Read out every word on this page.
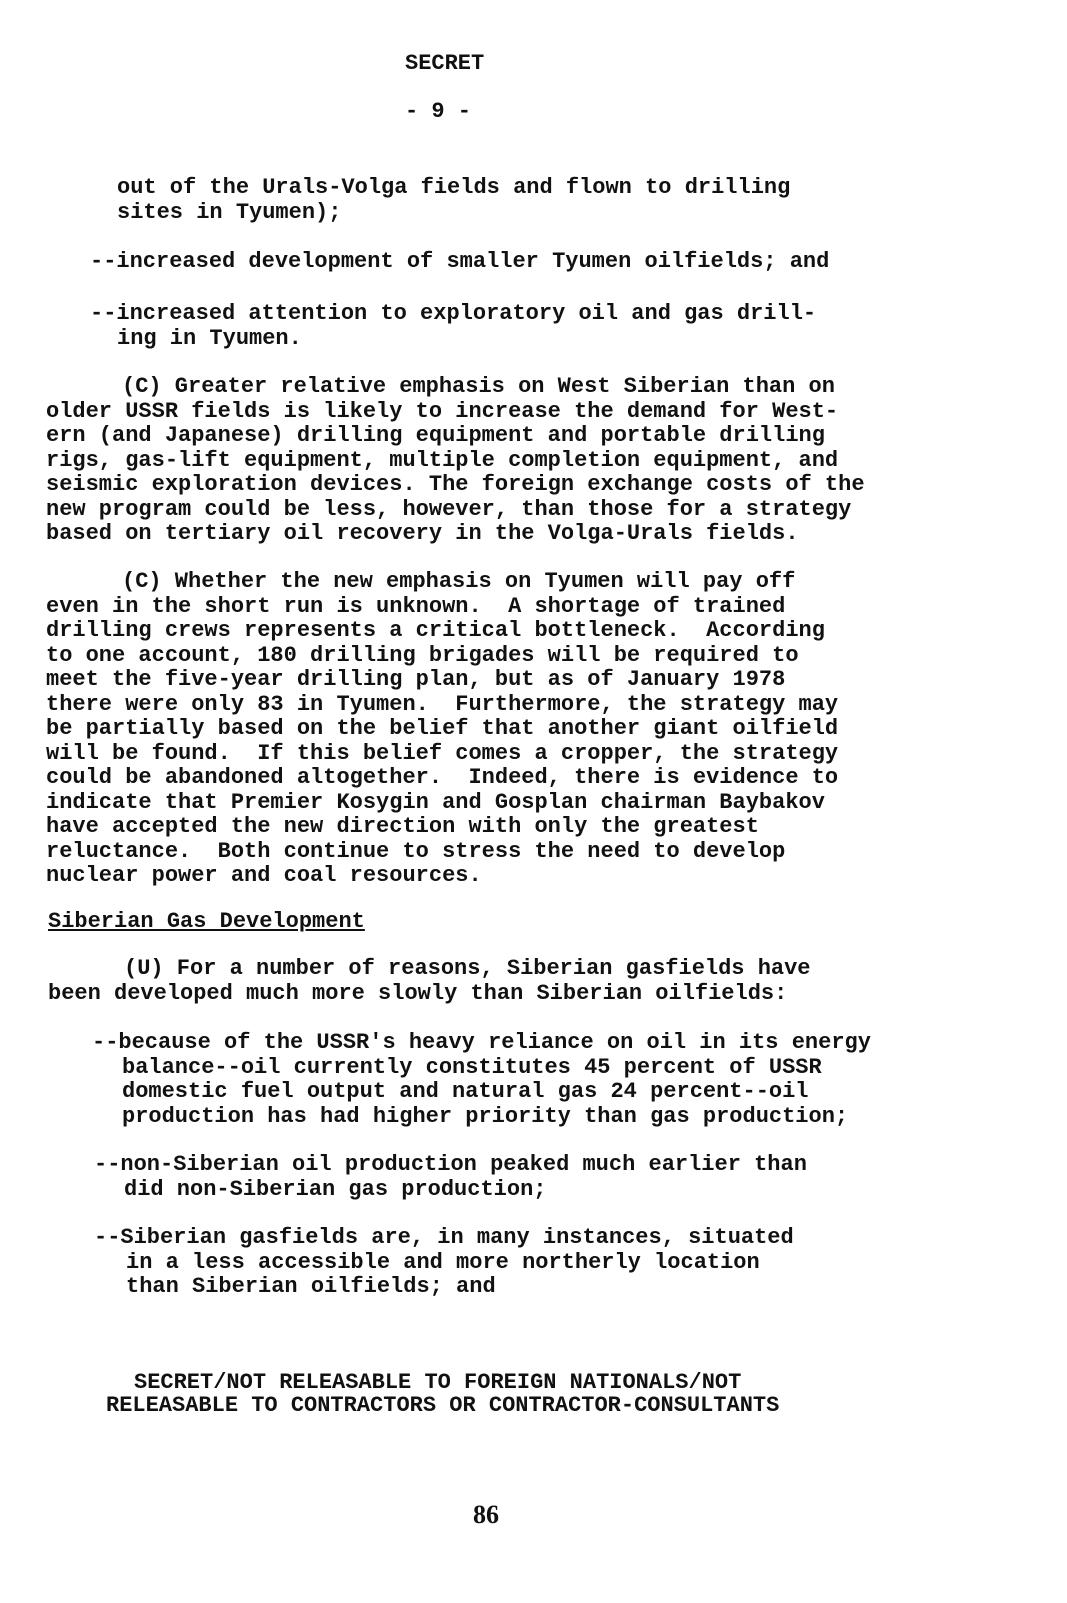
SECRET
- 9 -
out of the Urals-Volga fields and flown to drilling
sites in Tyumen);
--increased development of smaller Tyumen oilfields; and
--increased attention to exploratory oil and gas drill-
ing in Tyumen.
(C) Greater relative emphasis on West Siberian than on
older USSR fields is likely to increase the demand for West-
ern (and Japanese) drilling equipment and portable drilling
rigs, gas-lift equipment, multiple completion equipment, and
seismic exploration devices. The foreign exchange costs of the
new program could be less, however, than those for a strategy
based on tertiary oil recovery in the Volga-Urals fields.
(C) Whether the new emphasis on Tyumen will pay off
even in the short run is unknown.  A shortage of trained
drilling crews represents a critical bottleneck.  According
to one account, 180 drilling brigades will be required to
meet the five-year drilling plan, but as of January 1978
there were only 83 in Tyumen.  Furthermore, the strategy may
be partially based on the belief that another giant oilfield
will be found.  If this belief comes a cropper, the strategy
could be abandoned altogether.  Indeed, there is evidence to
indicate that Premier Kosygin and Gosplan chairman Baybakov
have accepted the new direction with only the greatest
reluctance.  Both continue to stress the need to develop
nuclear power and coal resources.
Siberian Gas Development
(U) For a number of reasons, Siberian gasfields have
been developed much more slowly than Siberian oilfields:
--because of the USSR's heavy reliance on oil in its energy
balance--oil currently constitutes 45 percent of USSR
domestic fuel output and natural gas 24 percent--oil
production has had higher priority than gas production;
--non-Siberian oil production peaked much earlier than
did non-Siberian gas production;
--Siberian gasfields are, in many instances, situated
in a less accessible and more northerly location
than Siberian oilfields; and
SECRET/NOT RELEASABLE TO FOREIGN NATIONALS/NOT
RELEASABLE TO CONTRACTORS OR CONTRACTOR-CONSULTANTS
86
